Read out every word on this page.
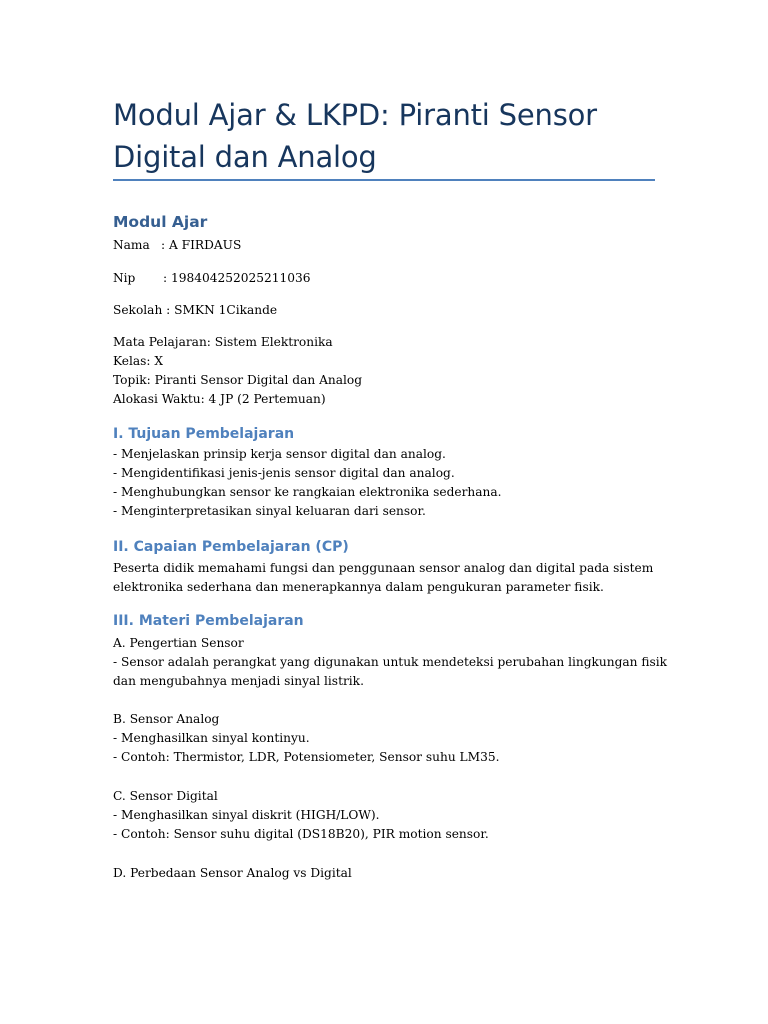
Modul Ajar & LKPD: Piranti Sensor
Digital dan Analog
Modul Ajar

Nama : A FIRDAUS

Nip : 198404252025211036

Sekolah : SMKN 1Cikande

Mata Pelajaran: Sistem Elektronika
Kelas: X
Topik: Piranti Sensor Digital dan Analog
Alokasi Waktu: 4 JP (2 Pertemuan)

I. Tujuan Pembelajaran

- Menjelaskan prinsip kerja sensor digital dan analog.
- Mengidentifikasi jenis-jenis sensor digital dan analog.
- Menghubungkan sensor ke rangkaian elektronika sederhana.
- Menginterpretasikan sinyal keluaran dari sensor.

II. Capaian Pembelajaran (CP)

Peserta didik memahami fungsi dan penggunaan sensor analog dan digital pada sistem
elektronika sederhana dan menerapkannya dalam pengukuran parameter fisik.

III. Materi Pembelajaran

A. Pengertian Sensor
- Sensor adalah perangkat yang digunakan untuk mendeteksi perubahan lingkungan fisik
dan mengubahnya menjadi sinyal listrik.

B. Sensor Analog
- Menghasilkan sinyal kontinyu.
- Contoh: Thermistor, LDR, Potensiometer, Sensor suhu LM35.

C. Sensor Digital
- Menghasilkan sinyal diskrit (HIGH/LOW).
- Contoh: Sensor suhu digital (DS18B20), PIR motion sensor.

D. Perbedaan Sensor Analog vs Digital
